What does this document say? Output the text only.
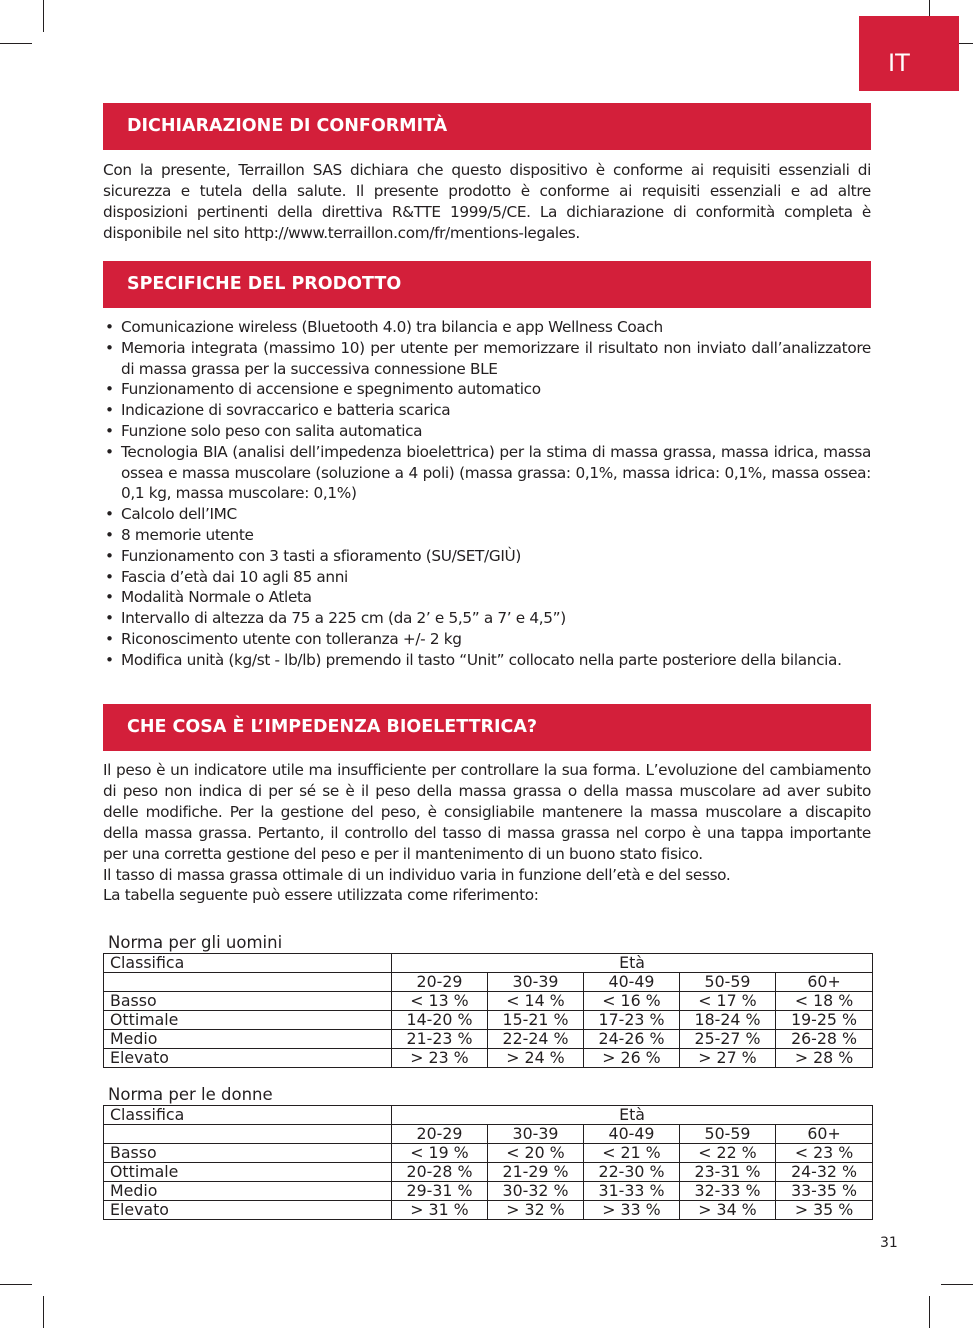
IT
DICHIARAZIONE DI CONFORMITÀ

Con la presente, Terraillon SAS dichiara che questo dispositivo è conforme ai requisiti essenziali di sicurezza e tutela della salute. Il presente prodotto è conforme ai requisiti essenziali e ad altre disposizioni pertinenti della direttiva R&TTE 1999/5/CE. La dichiarazione di conformità completa è disponibile nel sito http://www.terraillon.com/fr/mentions-legales.

SPECIFICHE DEL PRODOTTO
• Comunicazione wireless (Bluetooth 4.0) tra bilancia e app Wellness Coach
• Memoria integrata (massimo 10) per utente per memorizzare il risultato non inviato dall’analizzatore di massa grassa per la successiva connessione BLE
• Funzionamento di accensione e spegnimento automatico
• Indicazione di sovraccarico e batteria scarica
• Funzione solo peso con salita automatica
• Tecnologia BIA (analisi dell’impedenza bioelettrica) per la stima di massa grassa, massa idrica, massa ossea e massa muscolare (soluzione a 4 poli) (massa grassa: 0,1%, massa idrica: 0,1%, massa ossea: 0,1 kg, massa muscolare: 0,1%)
• Calcolo dell’IMC
• 8 memorie utente
• Funzionamento con 3 tasti a sfioramento (SU/SET/GIÙ)
• Fascia d’età dai 10 agli 85 anni
• Modalità Normale o Atleta
• Intervallo di altezza da 75 a 225 cm (da 2’ e 5,5” a 7’ e 4,5”)
• Riconoscimento utente con tolleranza +/- 2 kg
• Modifica unità (kg/st - lb/lb) premendo il tasto “Unit” collocato nella parte posteriore della bilancia.
CHE COSA È L’IMPEDENZA BIOELETTRICA?

Il peso è un indicatore utile ma insufficiente per controllare la sua forma. L’evoluzione del cambiamento di peso non indica di per sé se è il peso della massa grassa o della massa muscolare ad aver subito delle modifiche. Per la gestione del peso, è consigliabile mantenere la massa muscolare a discapito della massa grassa. Pertanto, il controllo del tasso di massa grassa nel corpo è una tappa importante per una corretta gestione del peso e per il mantenimento di un buono stato fisico.

Il tasso di massa grassa ottimale di un individuo varia in funzione dell’età e del sesso.

La tabella seguente può essere utilizzata come riferimento:

Norma per gli uomini
Classifica	Età				
	20-29	30-39	40-49	50-59	60+
Basso	< 13 %	< 14 %	< 16 %	< 17 %	< 18 %
Ottimale	14-20 %	15-21 %	17-23 %	18-24 %	19-25 %
Medio	21-23 %	22-24 %	24-26 %	25-27 %	26-28 %
Elevato	> 23 %	> 24 %	> 26 %	> 27 %	> 28 %
Norma per le donne
Classifica	Età				
	20-29	30-39	40-49	50-59	60+
Basso	< 19 %	< 20 %	< 21 %	< 22 %	< 23 %
Ottimale	20-28 %	21-29 %	22-30 %	23-31 %	24-32 %
Medio	29-31 %	30-32 %	31-33 %	32-33 %	33-35 %
Elevato	> 31 %	> 32 %	> 33 %	> 34 %	> 35 %
31
